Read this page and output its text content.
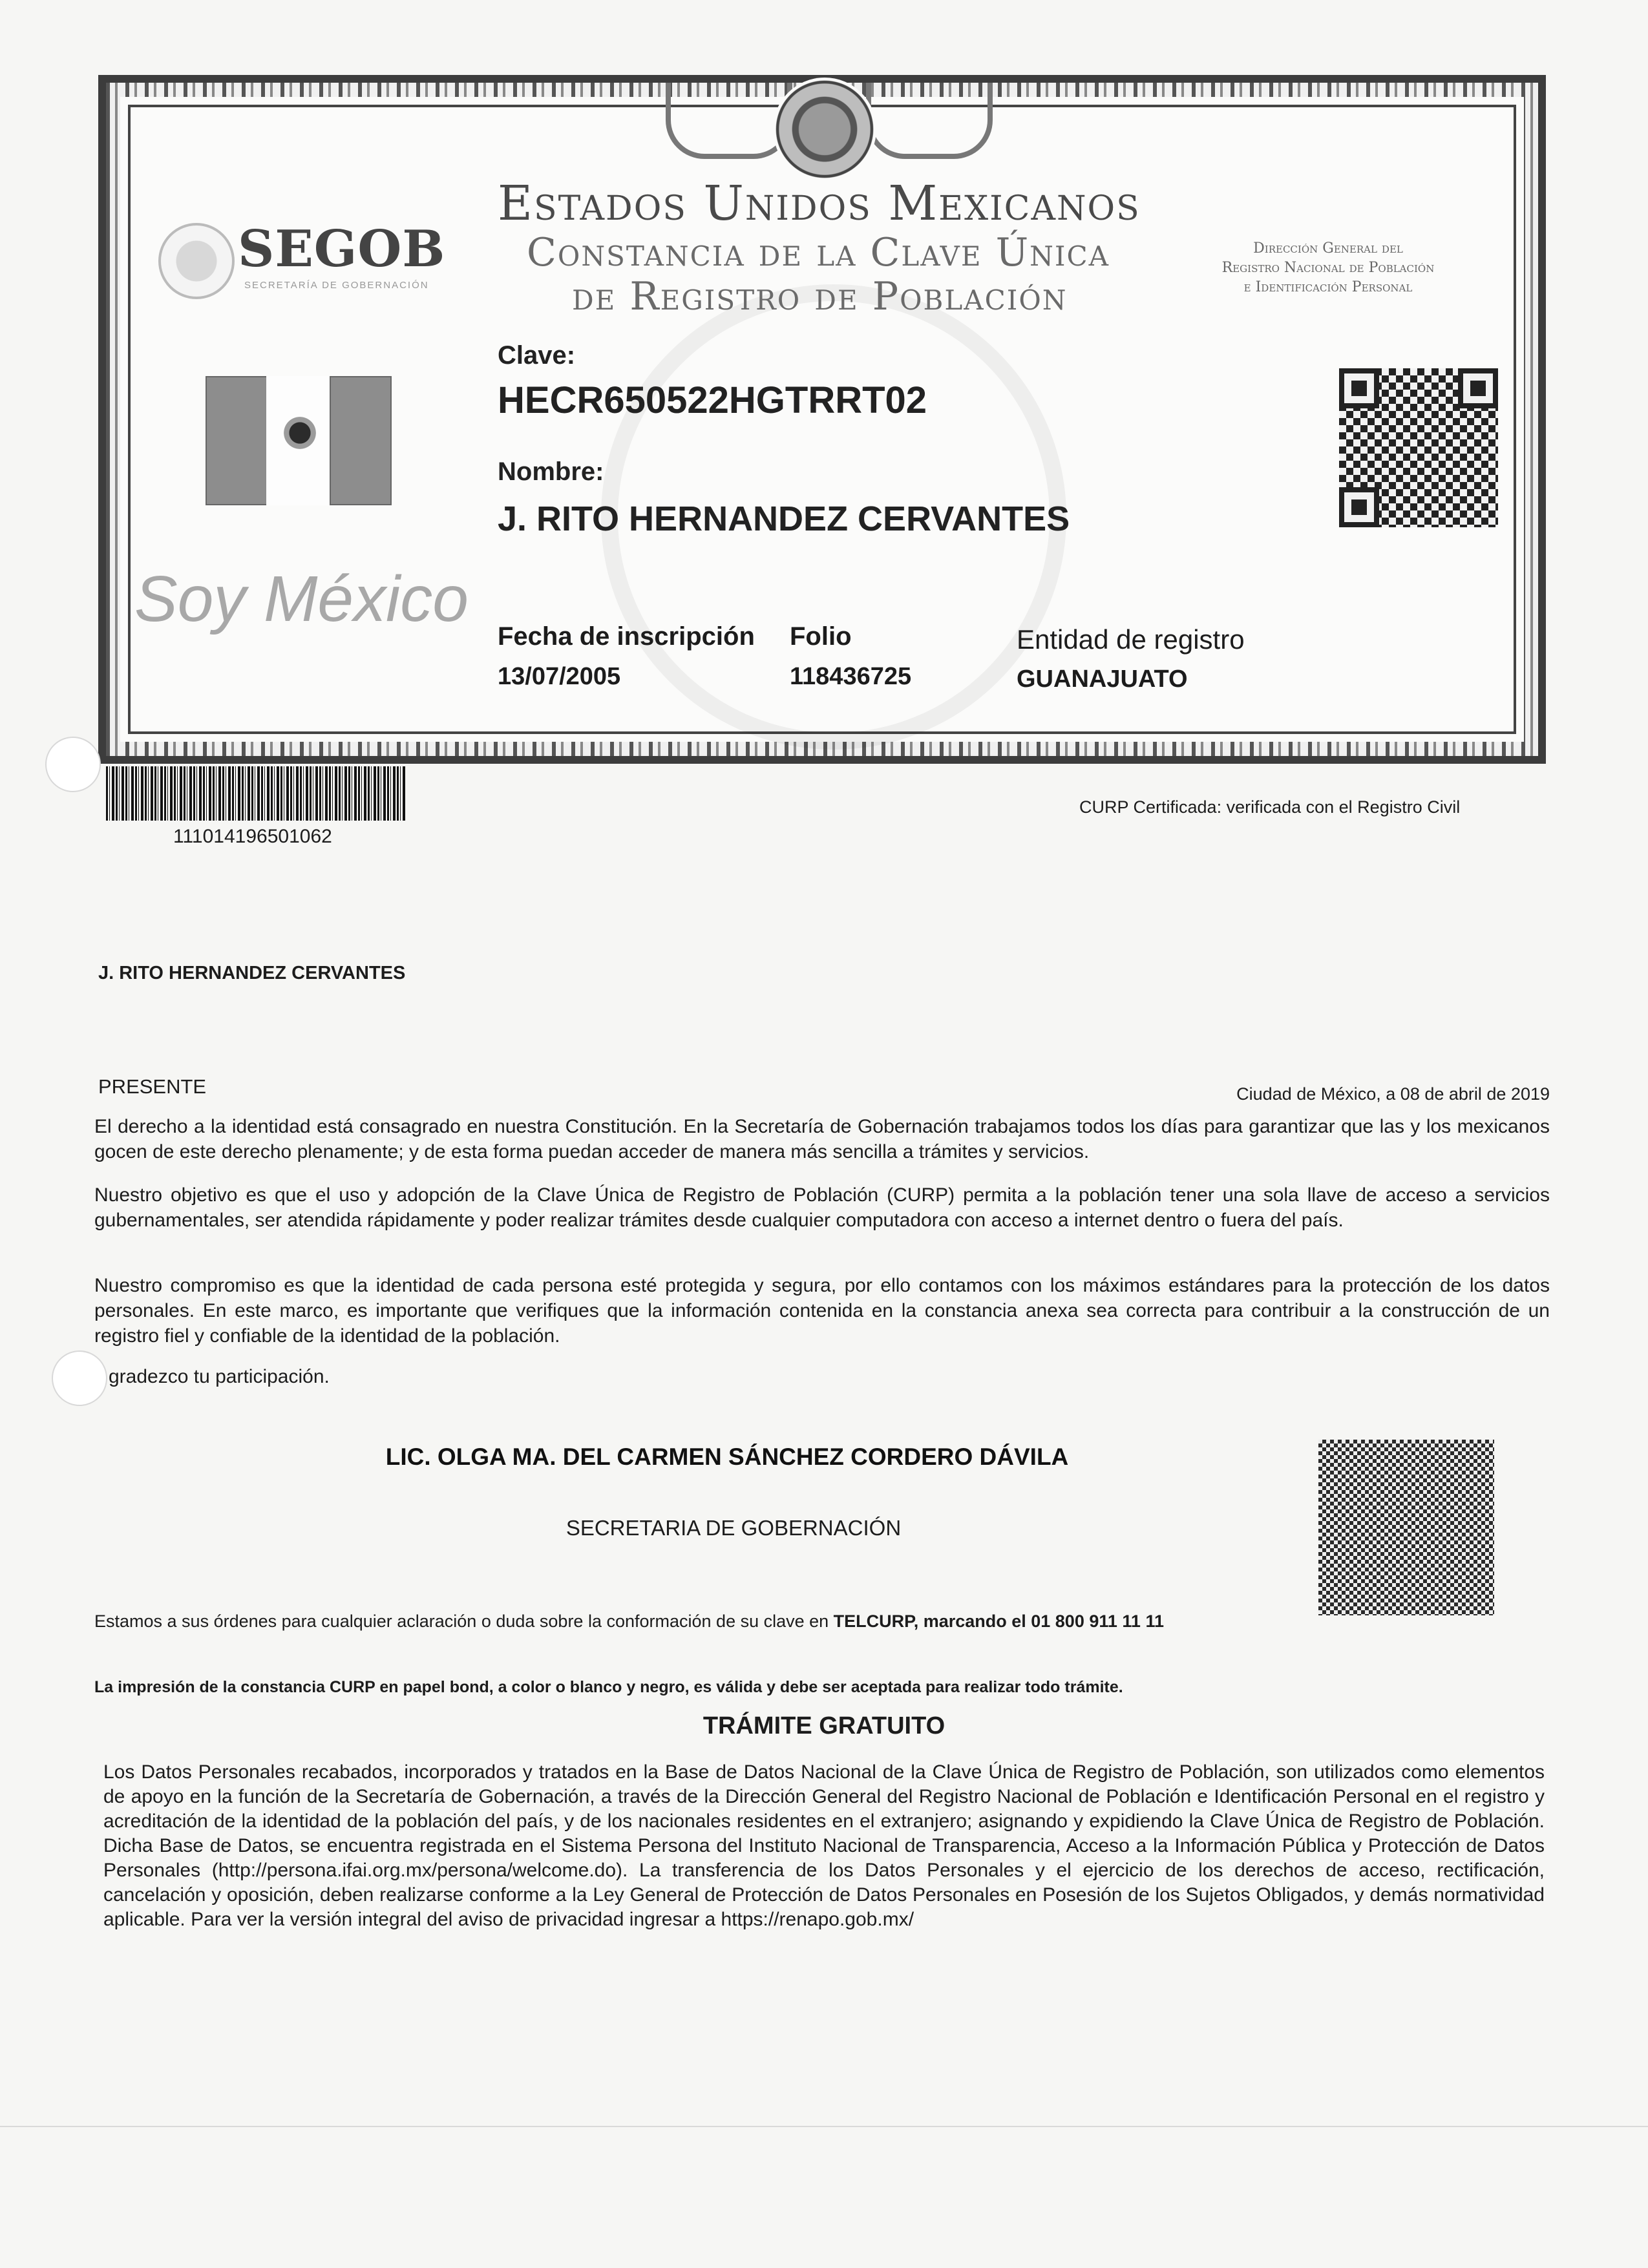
SEGOB
SECRETARÍA DE GOBERNACIÓN
Estados Unidos Mexicanos
Constancia de la Clave Única
de Registro de Población
Dirección General del
Registro Nacional de Población
e Identificación Personal
Soy México
Clave:
HECR650522HGTRRT02
Nombre:
J. RITO HERNANDEZ CERVANTES
Fecha de inscripción
13/07/2005
Folio
118436725
Entidad de registro
GUANAJUATO
111014196501062
CURP Certificada: verificada con el Registro Civil
J. RITO HERNANDEZ CERVANTES
PRESENTE	Ciudad de México, a 08 de abril de 2019
El derecho a la identidad está consagrado en nuestra Constitución. En la Secretaría de Gobernación trabajamos todos los días para garantizar que las y los mexicanos gocen de este derecho plenamente; y de esta forma puedan acceder de manera más sencilla a trámites y servicios.
Nuestro objetivo es que el uso y adopción de la Clave Única de Registro de Población (CURP) permita a la población tener una sola llave de acceso a servicios gubernamentales, ser atendida rápidamente y poder realizar trámites desde cualquier computadora con acceso a internet dentro o fuera del país.
Nuestro compromiso es que la identidad de cada persona esté protegida y segura, por ello contamos con los máximos estándares para la protección de los datos personales. En este marco, es importante que verifiques que la información contenida en la constancia anexa sea correcta para contribuir a la construcción de un registro fiel y confiable de la identidad de la población.
gradezco tu participación.
LIC. OLGA MA. DEL CARMEN SÁNCHEZ CORDERO DÁVILA
SECRETARIA DE GOBERNACIÓN
Estamos a sus órdenes para cualquier aclaración o duda sobre la conformación de su clave en TELCURP, marcando el 01 800 911 11 11
La impresión de la constancia CURP en papel bond, a color o blanco y negro, es válida y debe ser aceptada para realizar todo trámite.
TRÁMITE GRATUITO
Los Datos Personales recabados, incorporados y tratados en la Base de Datos Nacional de la Clave Única de Registro de Población, son utilizados como elementos de apoyo en la función de la Secretaría de Gobernación, a través de la Dirección General del Registro Nacional de Población e Identificación Personal en el registro y acreditación de la identidad de la población del país, y de los nacionales residentes en el extranjero; asignando y expidiendo la Clave Única de Registro de Población. Dicha Base de Datos, se encuentra registrada en el Sistema Persona del Instituto Nacional de Transparencia, Acceso a la Información Pública y Protección de Datos Personales (http://persona.ifai.org.mx/persona/welcome.do). La transferencia de los Datos Personales y el ejercicio de los derechos de acceso, rectificación, cancelación y oposición, deben realizarse conforme a la Ley General de Protección de Datos Personales en Posesión de los Sujetos Obligados, y demás normatividad aplicable. Para ver la versión integral del aviso de privacidad ingresar a https://renapo.gob.mx/
